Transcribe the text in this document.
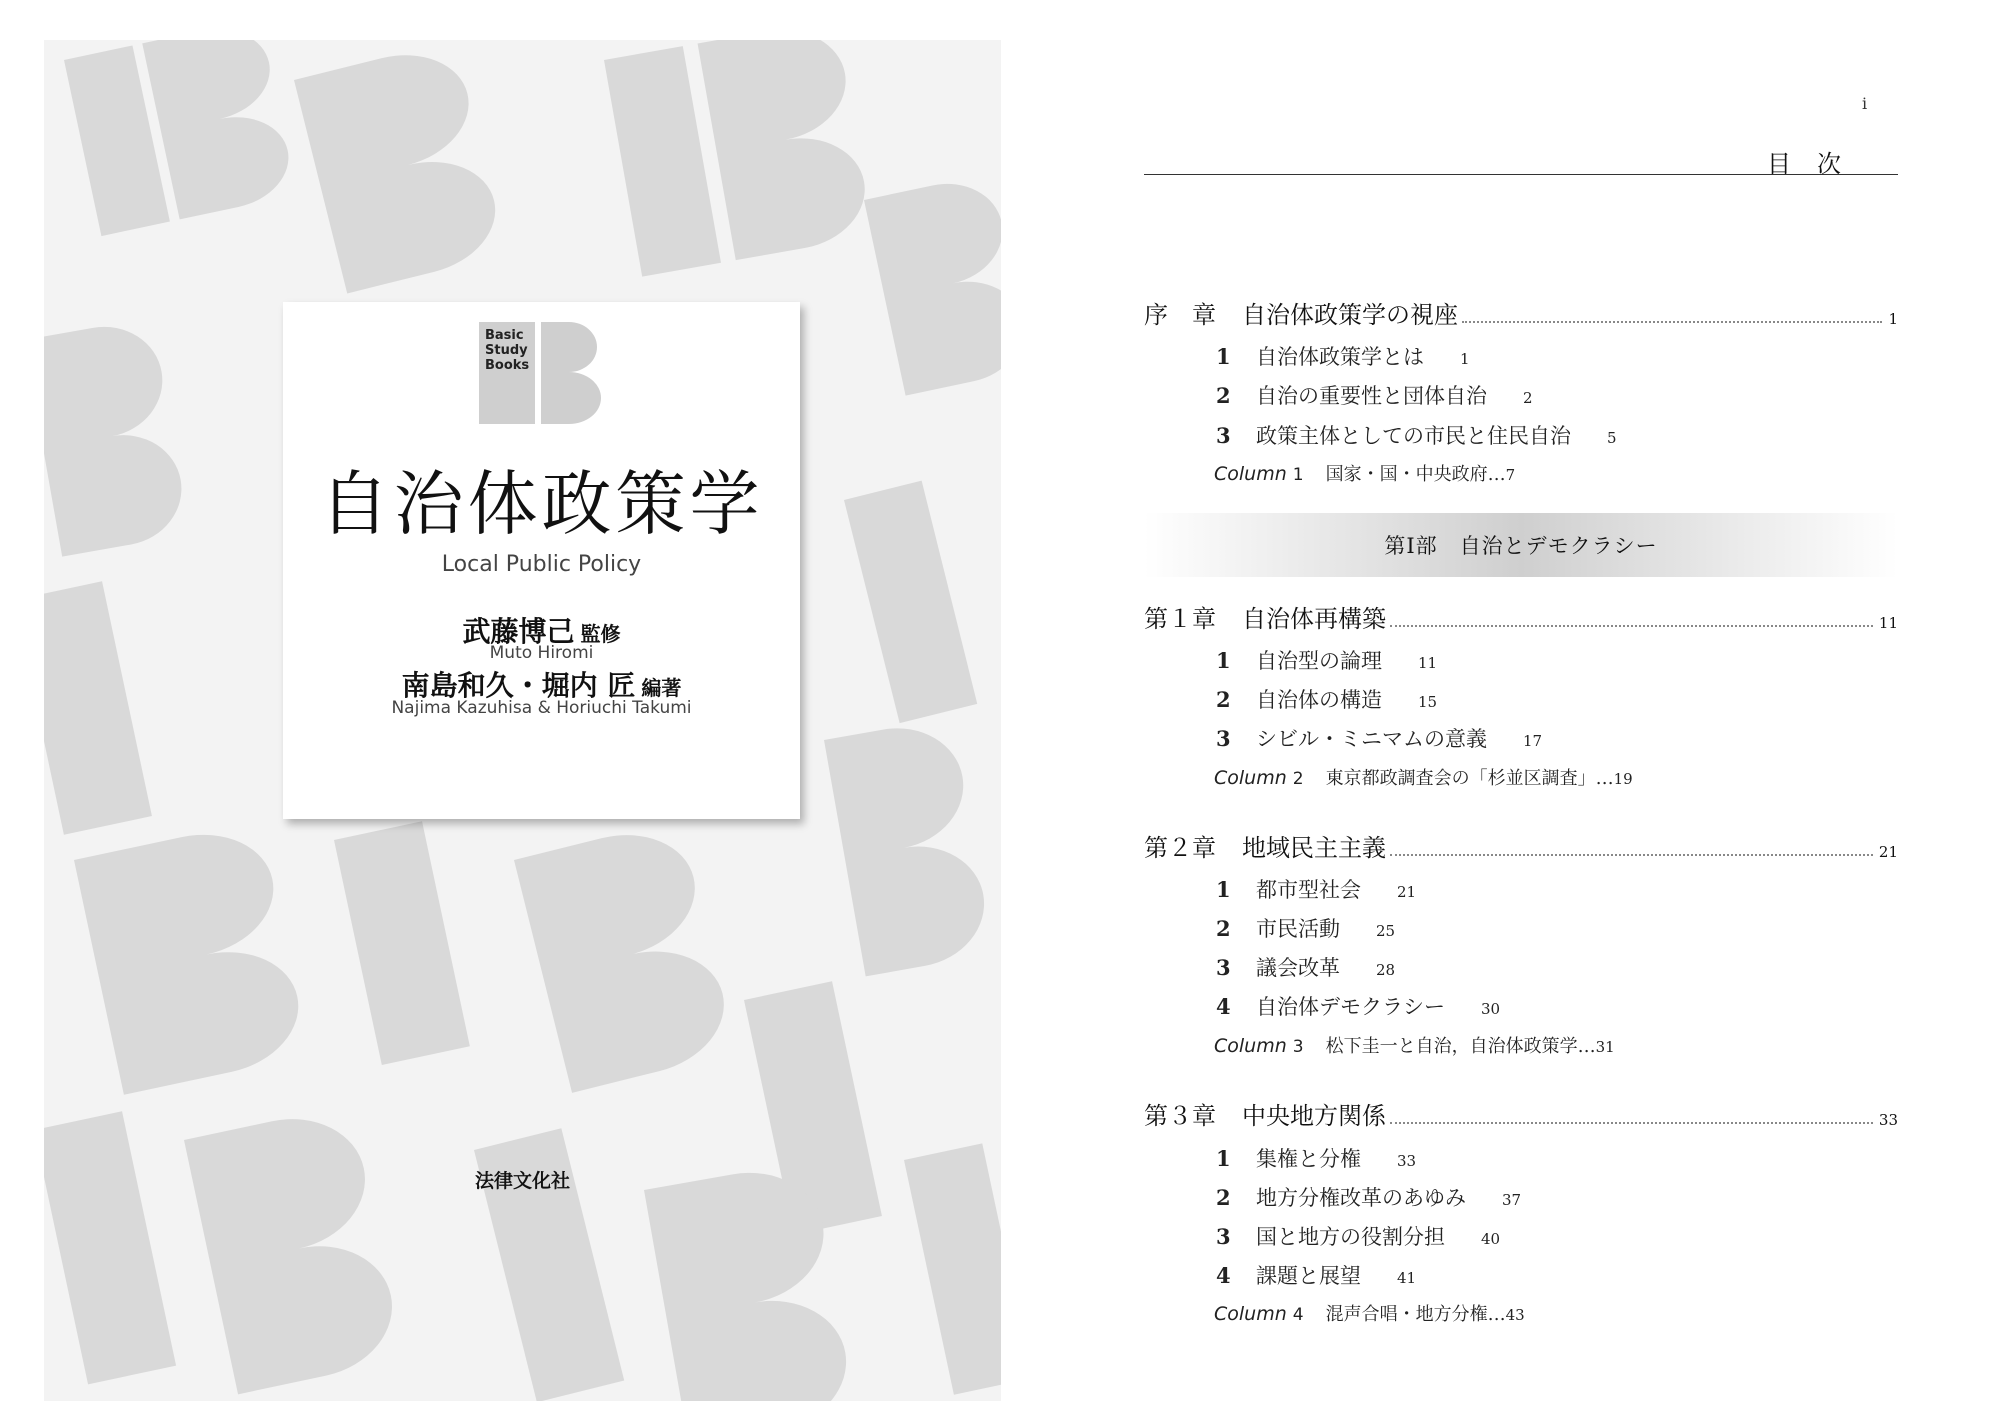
Basic
Study
Books
自治体政策学
Local Public Policy
武藤博己 監修
Muto Hiromi
南島和久・堀内 匠 編著
Najima Kazuhisa & Horiuchi Takumi
法律文化社
i
目次
序　章 自治体政策学の視座	1
1 自治体政策学とは 1
2 自治の重要性と団体自治 2
3 政策主体としての市民と住民自治 5
Column 1 国家・国・中央政府…7
第Ⅰ部　自治とデモクラシー
第１章 自治体再構築	11
1 自治型の論理 11
2 自治体の構造 15
3 シビル・ミニマムの意義 17
Column 2 東京都政調査会の「杉並区調査」…19
第２章 地域民主主義	21
1 都市型社会 21
2 市民活動 25
3 議会改革 28
4 自治体デモクラシー 30
Column 3 松下圭一と自治，自治体政策学…31
第３章 中央地方関係	33
1 集権と分権 33
2 地方分権改革のあゆみ 37
3 国と地方の役割分担 40
4 課題と展望 41
Column 4 混声合唱・地方分権…43
